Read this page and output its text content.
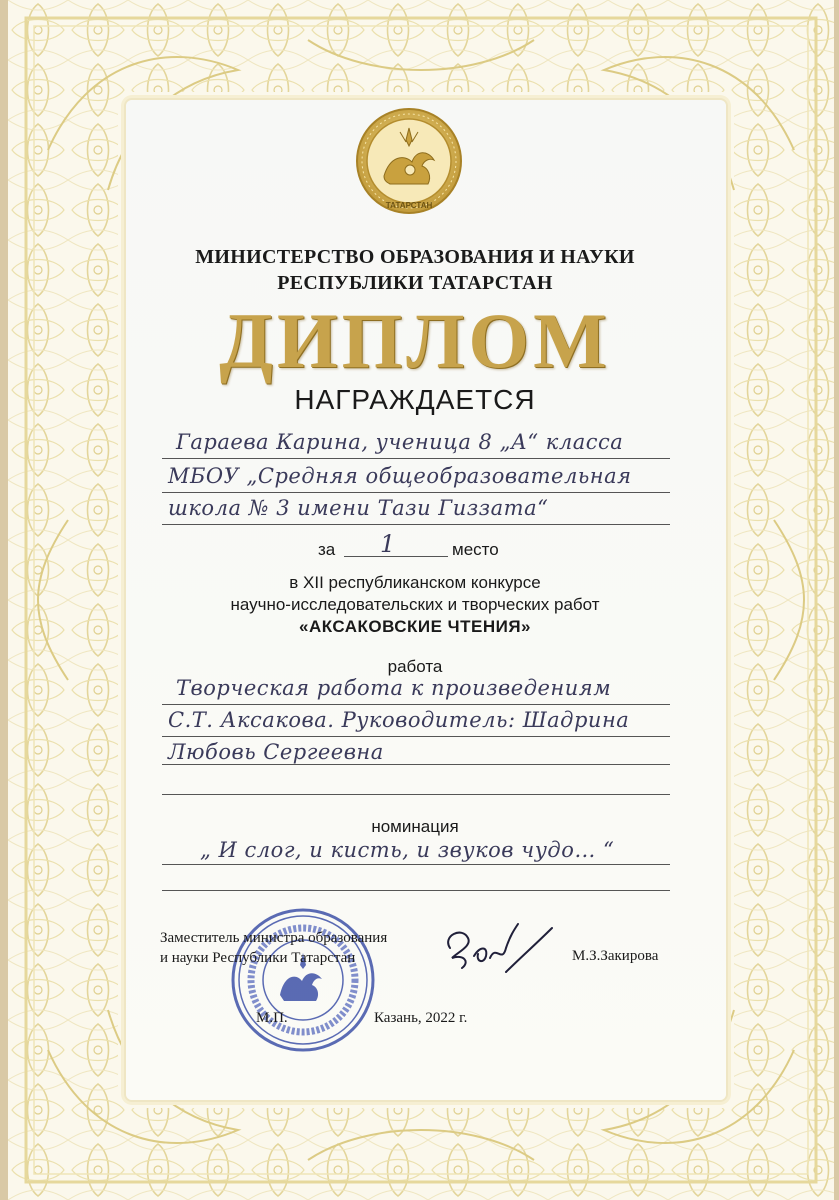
ТАТАРСТАН
МИНИСТЕРСТВО ОБРАЗОВАНИЯ И НАУКИ
РЕСПУБЛИКИ ТАТАРСТАН
ДИПЛОМ
НАГРАЖДАЕТСЯ
Гараева Карина, ученица 8 „А“ класса
МБОУ „Средняя общеобразовательная
школа № 3 имени Тази Гиззата“
за 1	место
в XII республиканском конкурсе
научно-исследовательских и творческих работ
«АКСАКОВСКИЕ ЧТЕНИЯ»
работа
Творческая работа к произведениям
С.Т. Аксакова. Руководитель: Шадрина
Любовь Сергеевна
номинация
„ И слог, и кисть, и звуков чудо… “
Заместитель министра образования
и науки Республики Татарстан	М.З.Закирова
М.П.	Казань, 2022 г.
